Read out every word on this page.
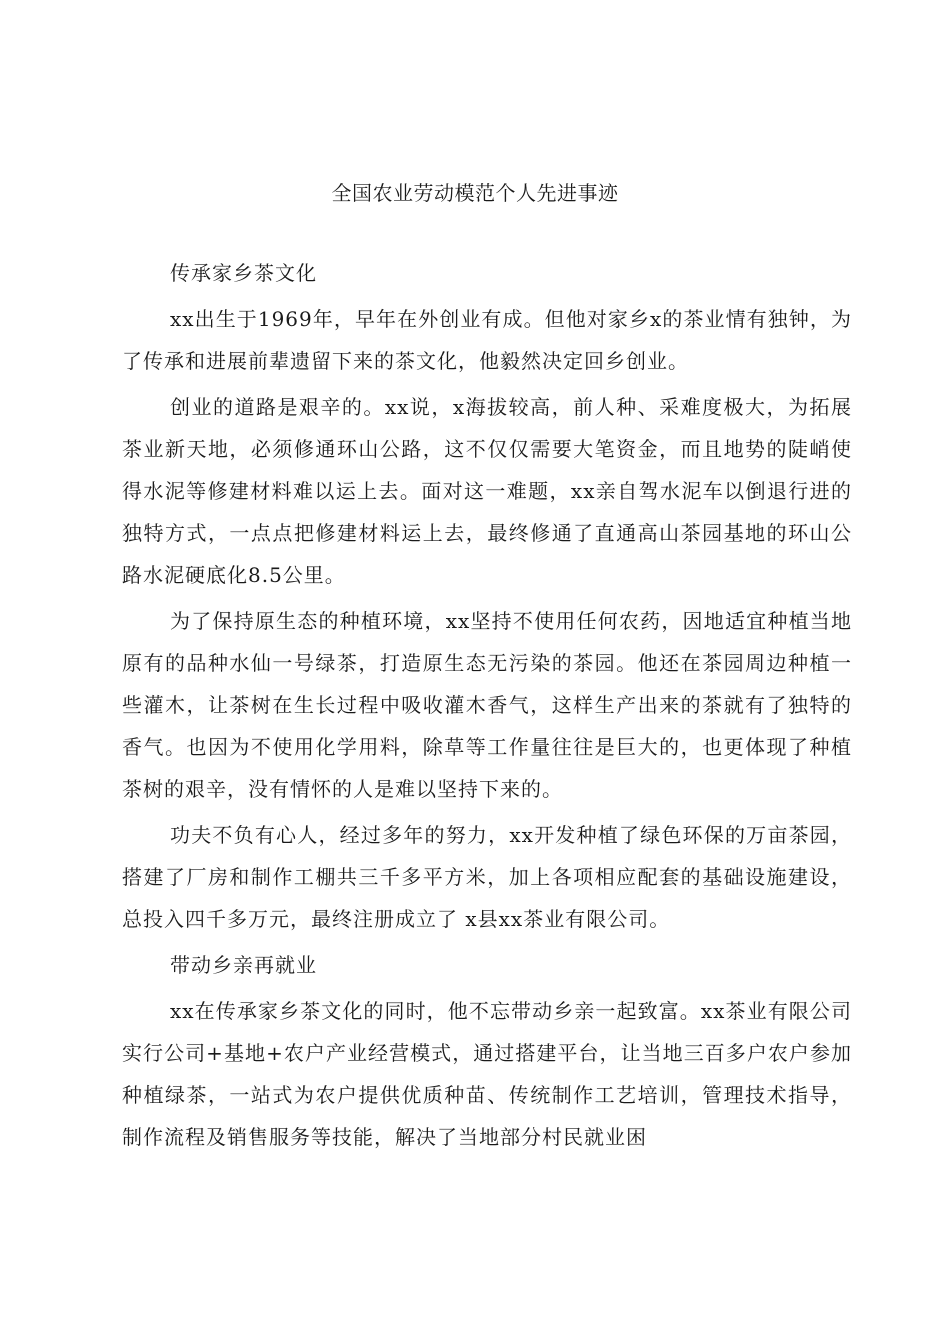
全国农业劳动模范个人先进事迹

传承家乡茶文化

xx出生于1969年，早年在外创业有成。但他对家乡x的茶业情有独钟，为了传承和进展前辈遗留下来的茶文化，他毅然决定回乡创业。

创业的道路是艰辛的。xx说，x海拔较高，前人种、采难度极大，为拓展茶业新天地，必须修通环山公路，这不仅仅需要大笔资金，而且地势的陡峭使得水泥等修建材料难以运上去。面对这一难题，xx亲自驾水泥车以倒退行进的独特方式，一点点把修建材料运上去，最终修通了直通高山茶园基地的环山公路水泥硬底化8.5公里。

为了保持原生态的种植环境，xx坚持不使用任何农药，因地适宜种植当地原有的品种水仙一号绿茶，打造原生态无污染的茶园。他还在茶园周边种植一些灌木，让茶树在生长过程中吸收灌木香气，这样生产出来的茶就有了独特的香气。也因为不使用化学用料，除草等工作量往往是巨大的，也更体现了种植茶树的艰辛，没有情怀的人是难以坚持下来的。

功夫不负有心人，经过多年的努力，xx开发种植了绿色环保的万亩茶园，搭建了厂房和制作工棚共三千多平方米，加上各项相应配套的基础设施建设，总投入四千多万元，最终注册成立了 x县xx茶业有限公司。

带动乡亲再就业

xx在传承家乡茶文化的同时，他不忘带动乡亲一起致富。xx茶业有限公司实行公司+基地+农户产业经营模式，通过搭建平台，让当地三百多户农户参加种植绿茶，一站式为农户提供优质种苗、传统制作工艺培训，管理技术指导，制作流程及销售服务等技能，解决了当地部分村民就业困
